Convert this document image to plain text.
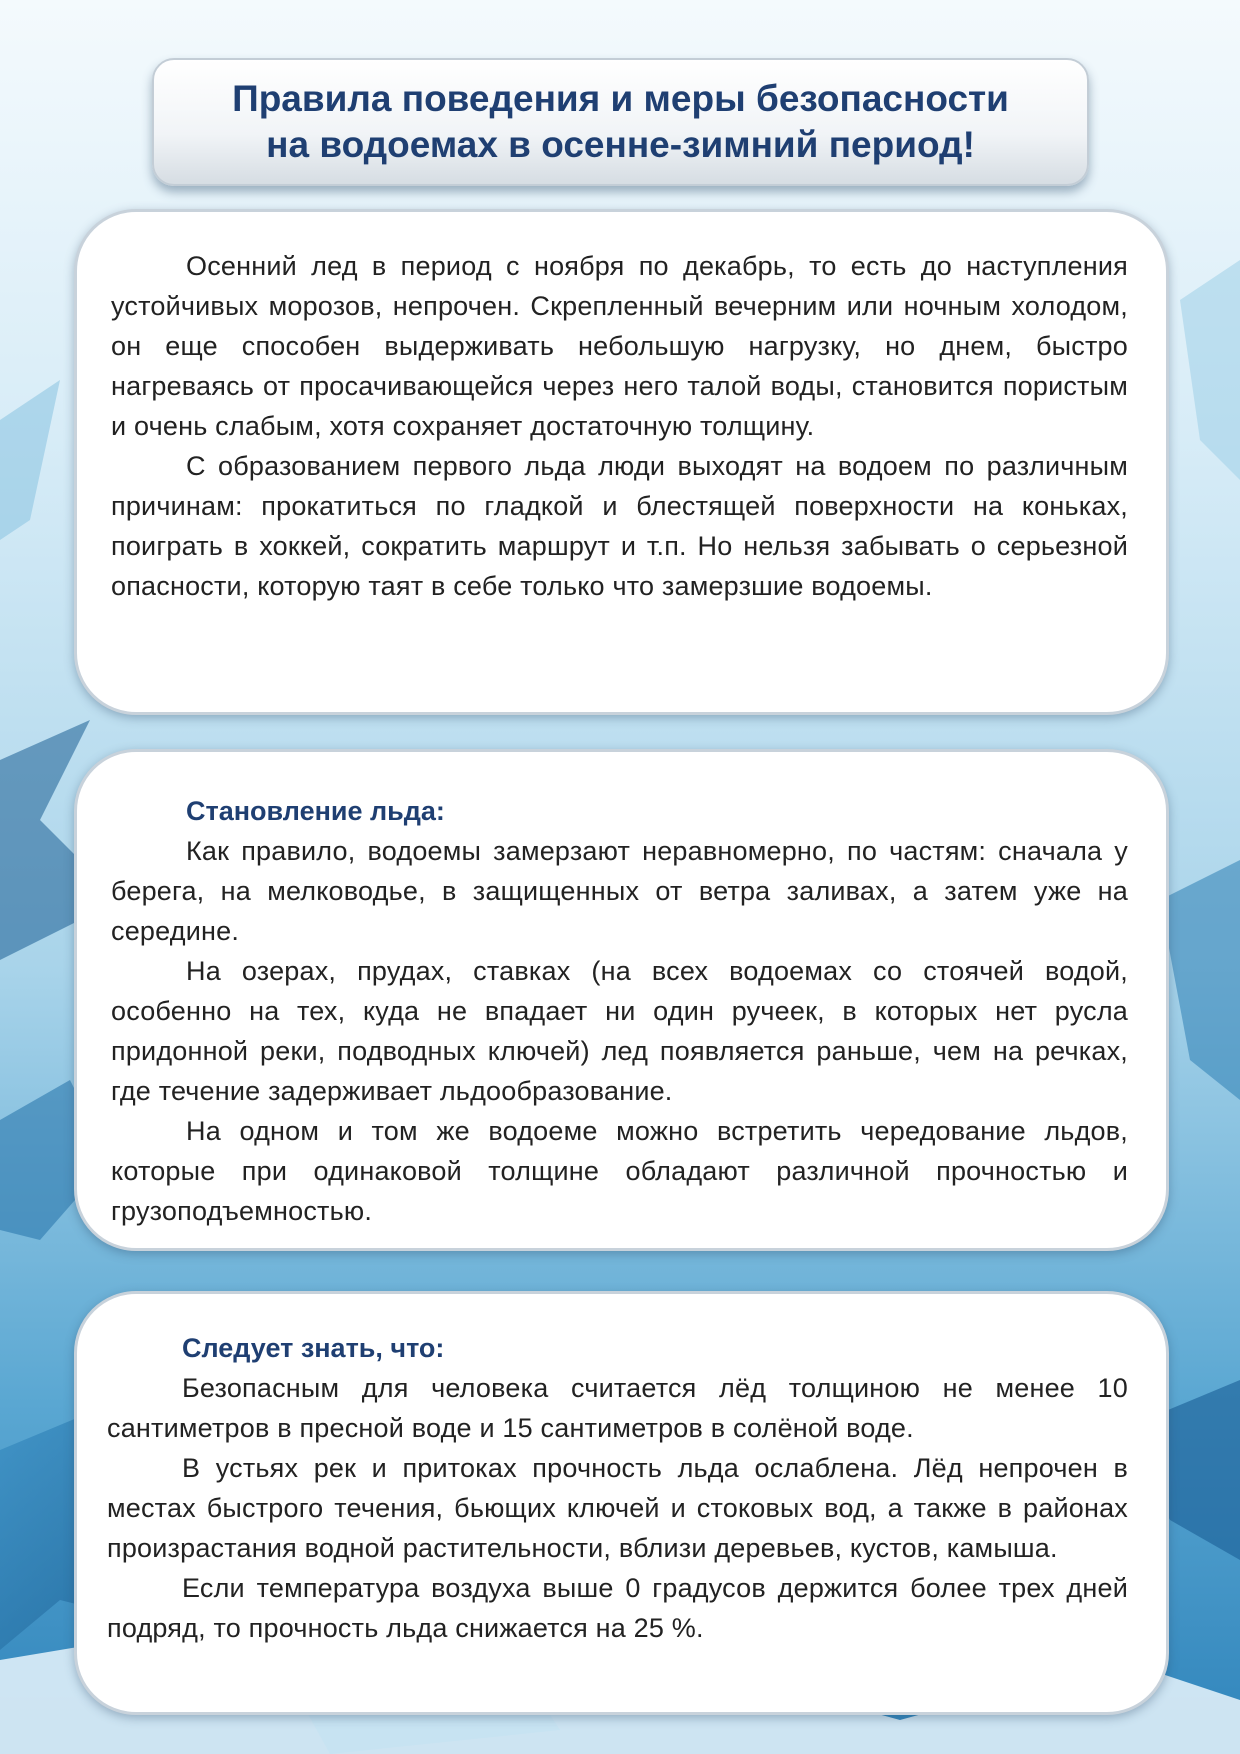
Правила поведения и меры безопасности
на водоемах в осенне-зимний период!

Осенний лед в период с ноября по декабрь, то есть до наступления устойчивых морозов, непрочен. Скрепленный вечерним или ночным холодом, он еще способен выдерживать небольшую нагрузку, но днем, быстро нагреваясь от просачивающейся через него талой воды, становится пористым и очень слабым, хотя сохраняет достаточную толщину.

С образованием первого льда люди выходят на водоем по различным причинам: прокатиться по гладкой и блестящей поверхности на коньках, поиграть в хоккей, сократить маршрут и т.п. Но нельзя забывать о серьезной опасности, которую таят в себе только что замерзшие водоемы.

Становление льда:

Как правило, водоемы замерзают неравномерно, по частям: сначала у берега, на мелководье, в защищенных от ветра заливах, а затем уже на середине.

На озерах, прудах, ставках (на всех водоемах со стоячей водой, особенно на тех, куда не впадает ни один ручеек, в которых нет русла придонной реки, подводных ключей) лед появляется раньше, чем на речках, где течение задерживает льдообразование.

На одном и том же водоеме можно встретить чередование льдов, которые при одинаковой толщине обладают различной прочностью и грузоподъемностью.

Следует знать, что:

Безопасным для человека считается лёд толщиною не менее 10 сантиметров в пресной воде и 15 сантиметров в солёной воде.

В устьях рек и притоках прочность льда ослаблена. Лёд непрочен в местах быстрого течения, бьющих ключей и стоковых вод, а также в районах произрастания водной растительности, вблизи деревьев, кустов, камыша.

Если температура воздуха выше 0 градусов держится более трех дней подряд, то прочность льда снижается на 25 %.
